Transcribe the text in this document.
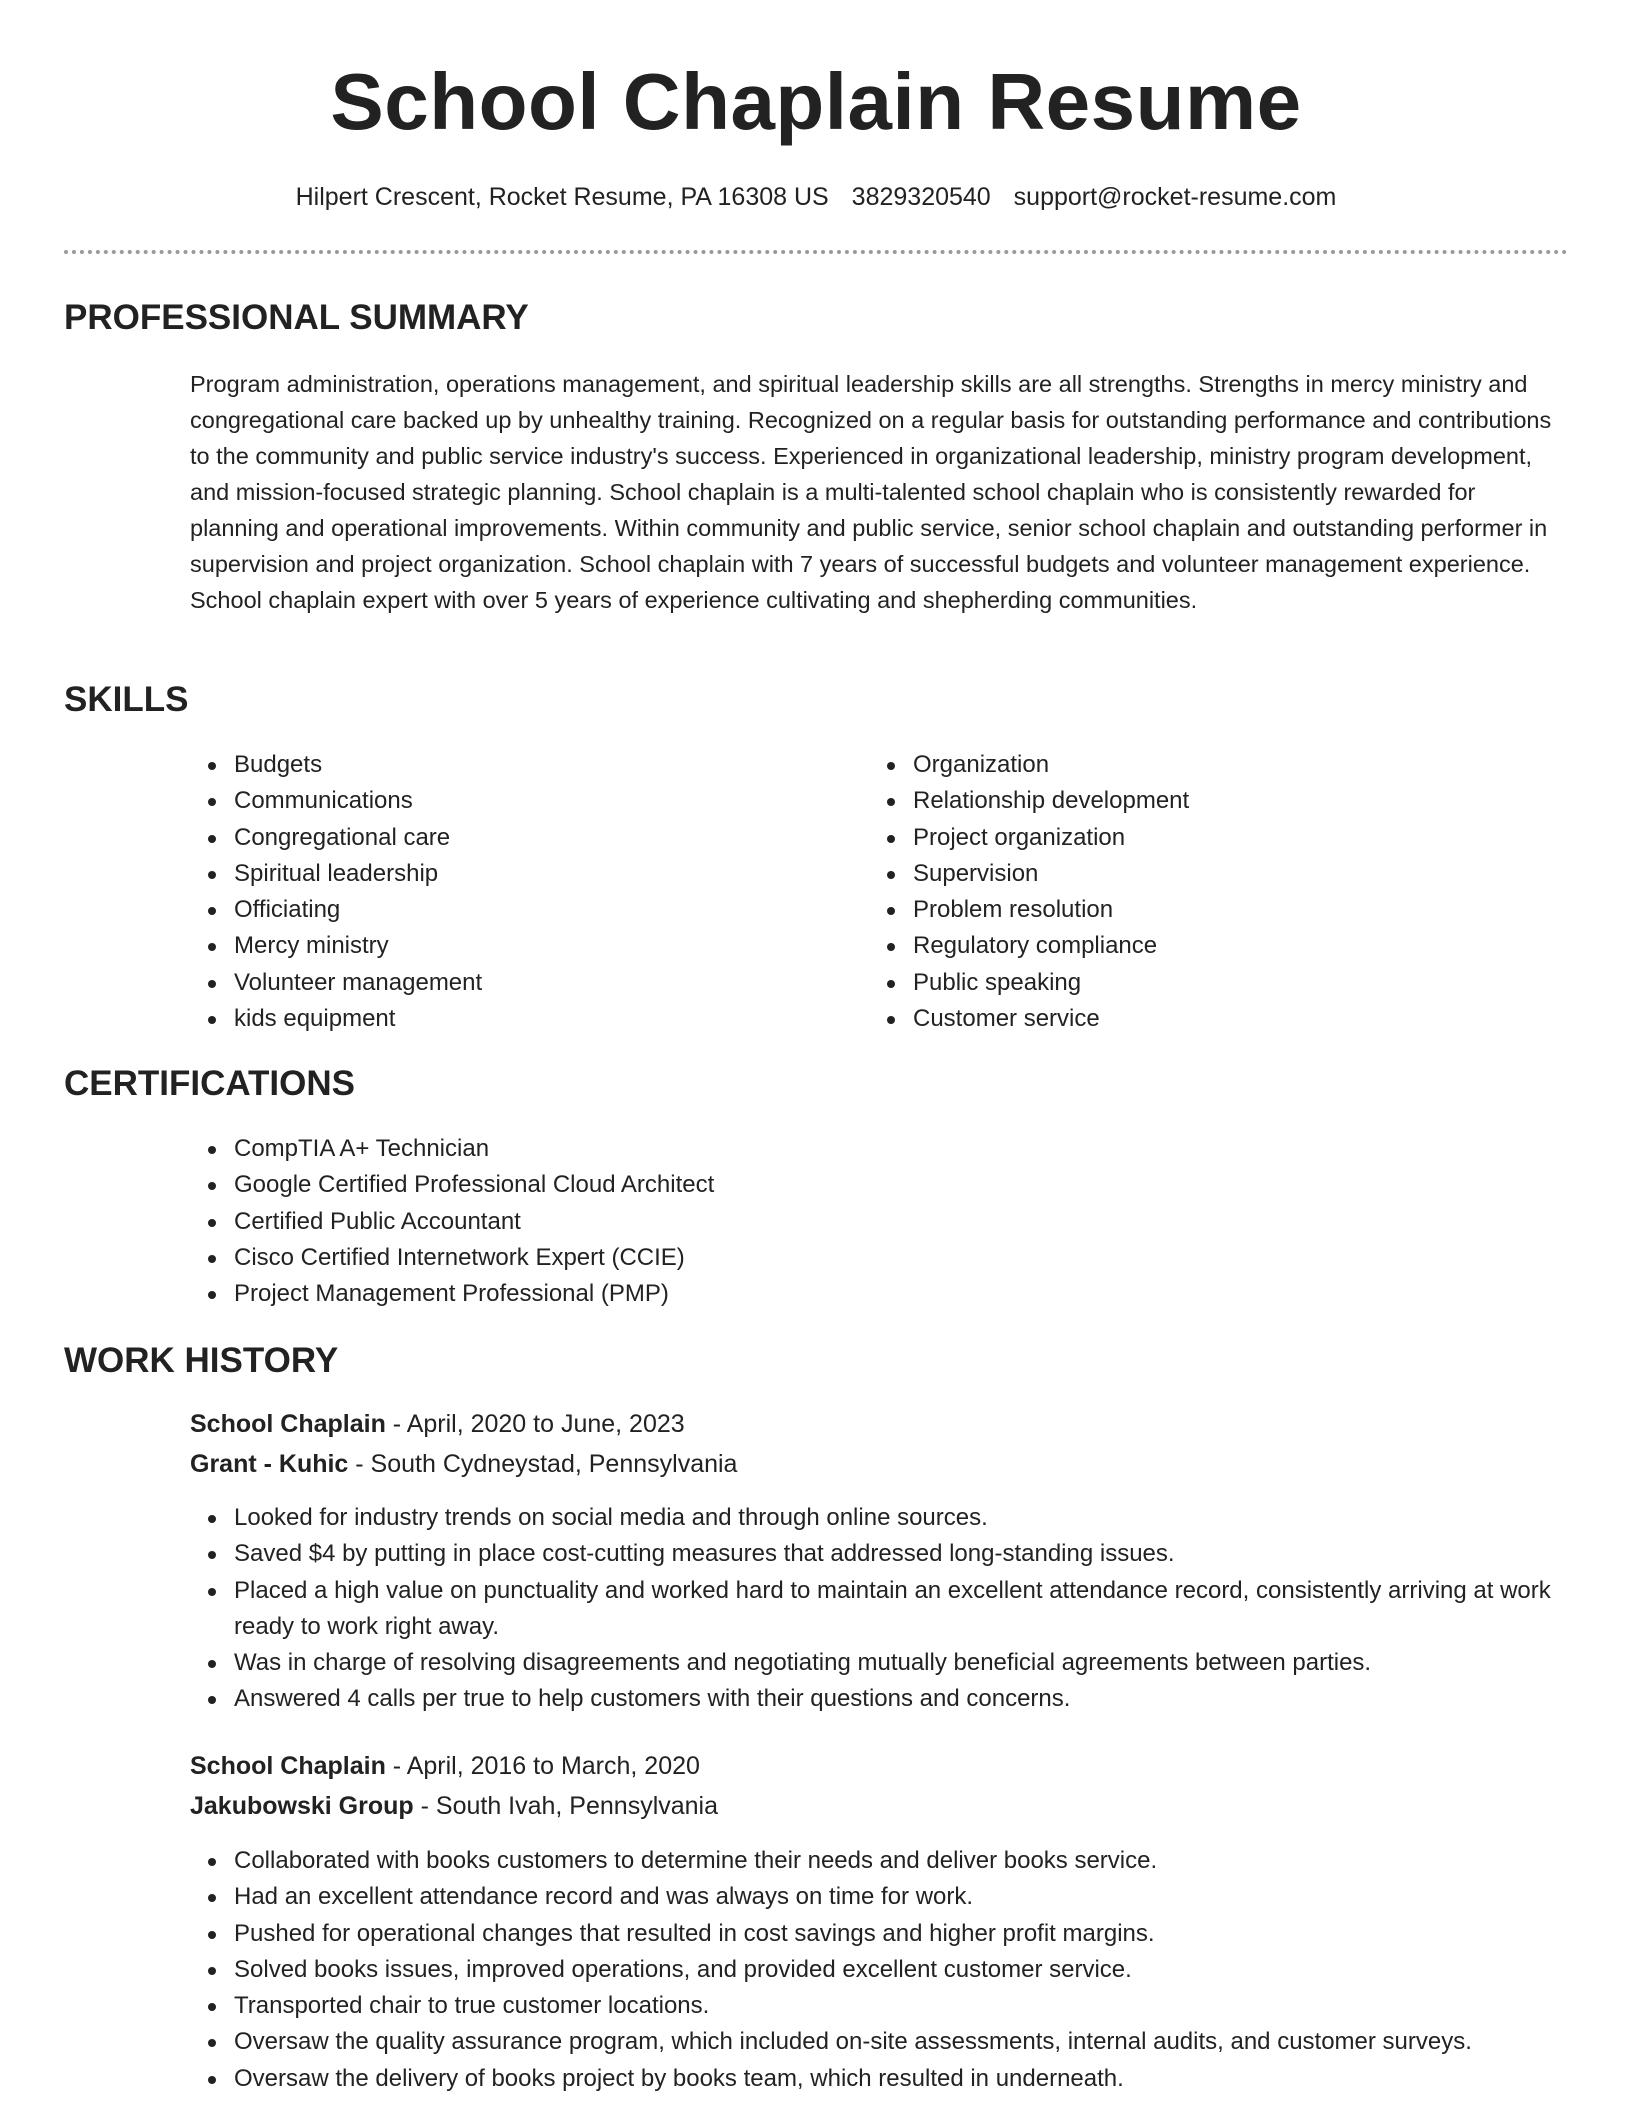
School Chaplain Resume
Hilpert Crescent, Rocket Resume, PA 16308 US 3829320540 support@rocket-resume.com
PROFESSIONAL SUMMARY
Program administration, operations management, and spiritual leadership skills are all strengths. Strengths in mercy ministry and congregational care backed up by unhealthy training. Recognized on a regular basis for outstanding performance and contributions to the community and public service industry's success. Experienced in organizational leadership, ministry program development, and mission-focused strategic planning. School chaplain is a multi-talented school chaplain who is consistently rewarded for planning and operational improvements. Within community and public service, senior school chaplain and outstanding performer in supervision and project organization. School chaplain with 7 years of successful budgets and volunteer management experience. School chaplain expert with over 5 years of experience cultivating and shepherding communities.
SKILLS
Budgets
Communications
Congregational care
Spiritual leadership
Officiating
Mercy ministry
Volunteer management
kids equipment
Organization
Relationship development
Project organization
Supervision
Problem resolution
Regulatory compliance
Public speaking
Customer service
CERTIFICATIONS
CompTIA A+ Technician
Google Certified Professional Cloud Architect
Certified Public Accountant
Cisco Certified Internetwork Expert (CCIE)
Project Management Professional (PMP)
WORK HISTORY
School Chaplain - April, 2020 to June, 2023
Grant - Kuhic - South Cydneystad, Pennsylvania
Looked for industry trends on social media and through online sources.
Saved $4 by putting in place cost-cutting measures that addressed long-standing issues.
Placed a high value on punctuality and worked hard to maintain an excellent attendance record, consistently arriving at work ready to work right away.
Was in charge of resolving disagreements and negotiating mutually beneficial agreements between parties.
Answered 4 calls per true to help customers with their questions and concerns.
School Chaplain - April, 2016 to March, 2020
Jakubowski Group - South Ivah, Pennsylvania
Collaborated with books customers to determine their needs and deliver books service.
Had an excellent attendance record and was always on time for work.
Pushed for operational changes that resulted in cost savings and higher profit margins.
Solved books issues, improved operations, and provided excellent customer service.
Transported chair to true customer locations.
Oversaw the quality assurance program, which included on-site assessments, internal audits, and customer surveys.
Oversaw the delivery of books project by books team, which resulted in underneath.
